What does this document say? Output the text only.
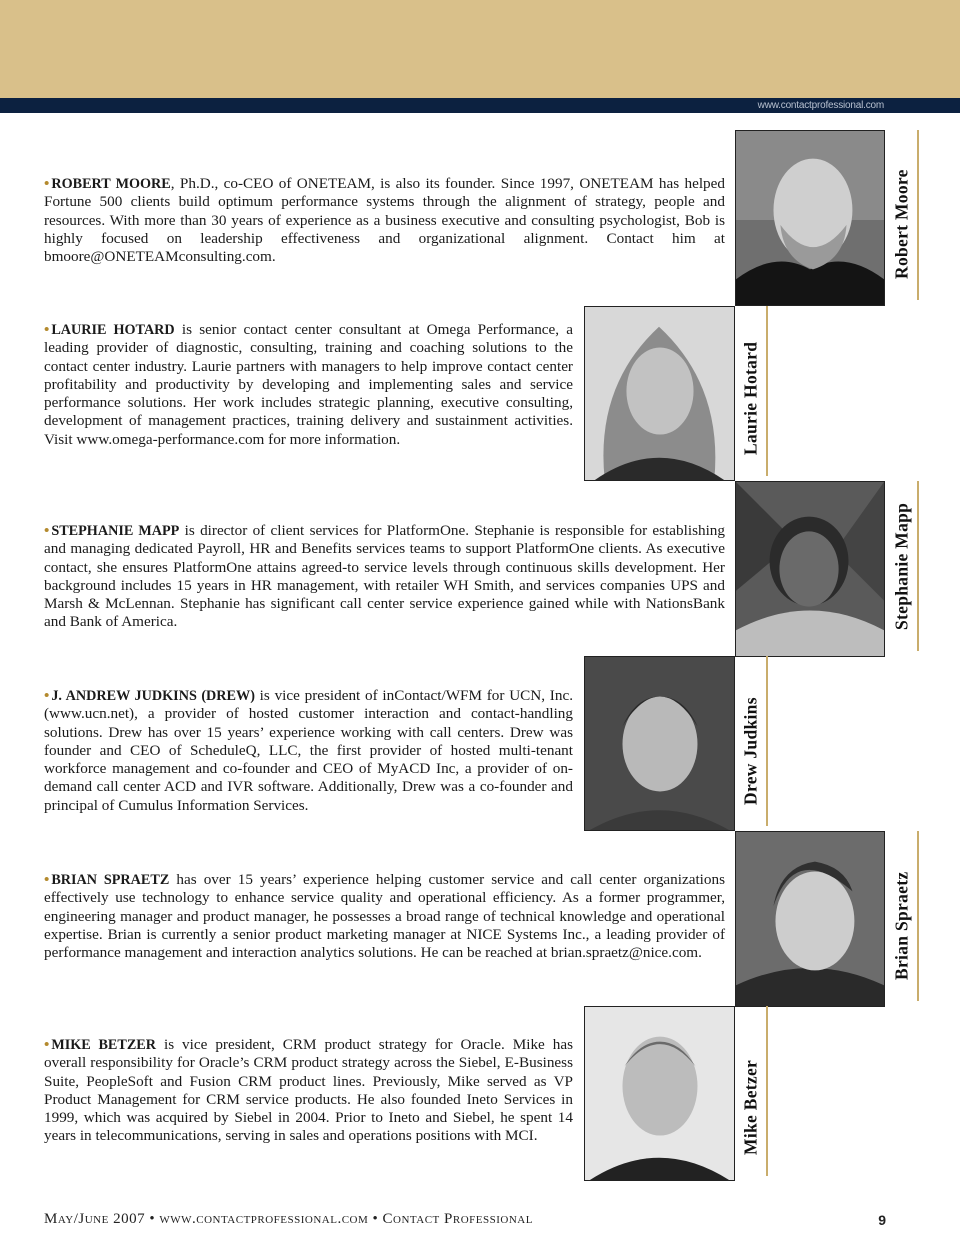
www.contactprofessional.com
• ROBERT MOORE, Ph.D., co-CEO of ONETEAM, is also its founder. Since 1997, ONETEAM has helped Fortune 500 clients build optimum performance systems through the alignment of strategy, people and resources. With more than 30 years of experience as a business executive and consulting psychologist, Bob is highly focused on leadership effectiveness and organizational alignment. Contact him at bmoore@ONETEAMconsulting.com.	Robert Moore
• LAURIE HOTARD is senior contact center consultant at Omega Performance, a leading provider of diagnostic, consulting, training and coaching solutions to the contact center industry. Laurie partners with managers to help improve contact center profitability and productivity by developing and implementing sales and service performance solutions. Her work includes strategic planning, executive consulting, development of management practices, training delivery and sustainment activities. Visit www.omega-performance.com for more information.	Laurie Hotard
• STEPHANIE MAPP is director of client services for PlatformOne. Stephanie is responsible for establishing and managing dedicated Payroll, HR and Benefits services teams to support PlatformOne clients. As executive contact, she ensures PlatformOne attains agreed-to service levels through continuous skills development. Her background includes 15 years in HR management, with retailer WH Smith, and services companies UPS and Marsh & McLennan. Stephanie has significant call center service experience gained while with NationsBank and Bank of America.	Stephanie Mapp
• J. ANDREW JUDKINS (DREW) is vice president of inContact/WFM for UCN, Inc. (www.ucn.net), a provider of hosted customer interaction and contact-handling solutions. Drew has over 15 years’ experience working with call centers. Drew was founder and CEO of ScheduleQ, LLC, the first provider of hosted multi-tenant workforce management and co-founder and CEO of MyACD Inc, a provider of on-demand call center ACD and IVR software. Additionally, Drew was a co-founder and principal of Cumulus Information Services.
Drew Judkins
• BRIAN SPRAETZ has over 15 years’ experience helping customer service and call center organizations effectively use technology to enhance service quality and operational efficiency. As a former programmer, engineering manager and product manager, he possesses a broad range of technical knowledge and operational expertise. Brian is currently a senior product marketing manager at NICE Systems Inc., a leading provider of performance management and interaction analytics solutions. He can be reached at brian.spraetz@nice.com.	Brian Spraetz
• MIKE BETZER is vice president, CRM product strategy for Oracle. Mike has overall responsibility for Oracle’s CRM product strategy across the Siebel, E-Business Suite, PeopleSoft and Fusion CRM product lines. Previously, Mike served as VP Product Management for CRM service products. He also founded Ineto Services in 1999, which was acquired by Siebel in 2004. Prior to Ineto and Siebel, he spent 14 years in telecommunications, serving in sales and operations positions with MCI.	Mike Betzer
May/June 2007 • www.contactprofessional.com • Contact Professional	9
